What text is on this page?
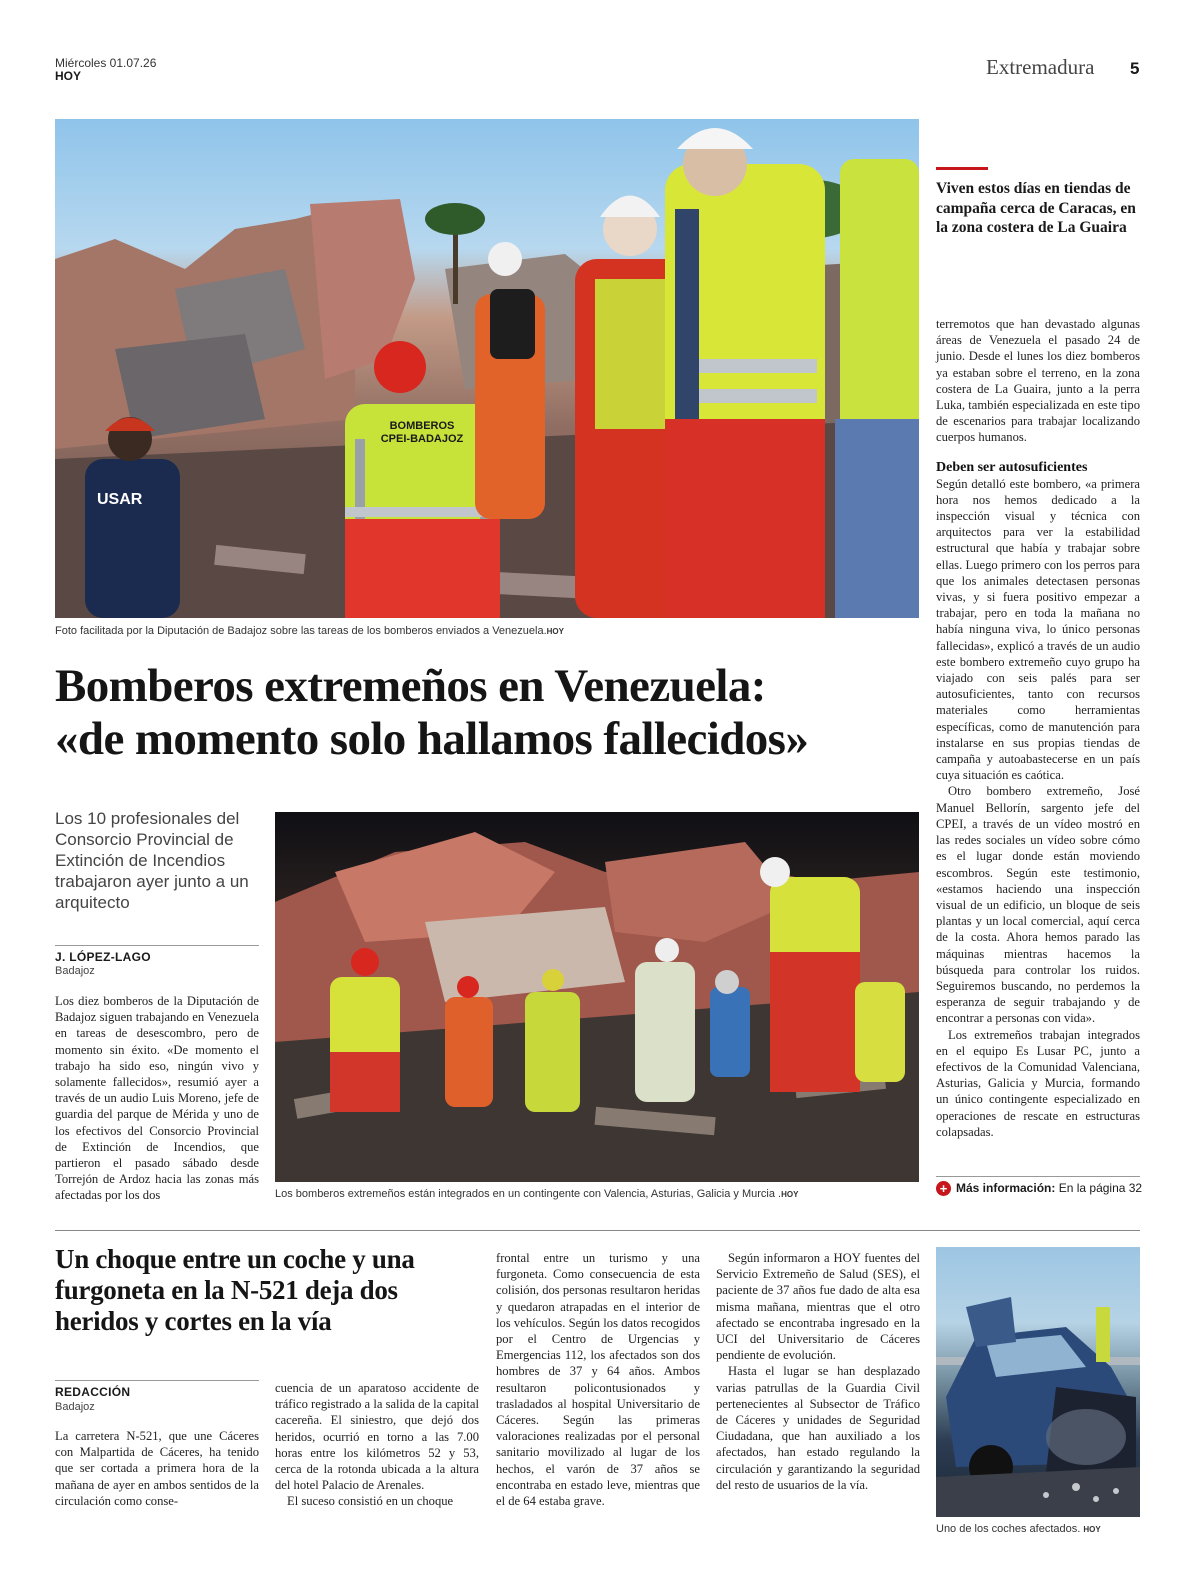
Miércoles 01.07.26
HOY	Extremadura 5
USAR
BOMBEROS
CPEI-BADAJOZ
Foto facilitada por la Diputación de Badajoz sobre las tareas de los bomberos enviados a Venezuela.HOY
Viven estos días en tiendas de campaña cerca de Caracas, en la zona costera de La Guaira

terremotos que han devastado algunas áreas de Venezuela el pasado 24 de junio. Desde el lunes los diez bomberos ya estaban sobre el terreno, en la zona costera de La Guaira, junto a la perra Luka, también especializada en este tipo de escenarios para trabajar localizando cuerpos humanos.

Deben ser autosuficientes

Según detalló este bombero, «a primera hora nos hemos dedicado a la inspección visual y técnica con arquitectos para ver la estabilidad estructural que había y trabajar sobre ellas. Luego primero con los perros para que los animales detectasen personas vivas, y si fuera positivo empezar a trabajar, pero en toda la mañana no había ninguna viva, lo único personas fallecidas», explicó a través de un audio este bombero extremeño cuyo grupo ha viajado con seis palés para ser autosuficientes, tanto con recursos materiales como herramientas específicas, como de manutención para instalarse en sus propias tiendas de campaña y autoabastecerse en un país cuya situación es caótica.

Otro bombero extremeño, José Manuel Bellorín, sargento jefe del CPEI, a través de un vídeo mostró en las redes sociales un vídeo sobre cómo es el lugar donde están moviendo escombros. Según este testimonio, «estamos haciendo una inspección visual de un edificio, un bloque de seis plantas y un local comercial, aquí cerca de la costa. Ahora hemos parado las máquinas mientras hacemos la búsqueda para controlar los ruidos. Seguiremos buscando, no perdemos la esperanza de seguir trabajando y de encontrar a personas con vida».

Los extremeños trabajan integrados en el equipo Es Lusar PC, junto a efectivos de la Comunidad Valenciana, Asturias, Galicia y Murcia, formando un único contingente especializado en operaciones de rescate en estructuras colapsadas.

+ Más información: En la página 32
Bomberos extremeños en Venezuela:
«de momento solo hallamos fallecidos»
Los 10 profesionales del Consorcio Provincial de Extinción de Incendios trabajaron ayer junto a un arquitecto
J. LÓPEZ-LAGO
Badajoz

Los diez bomberos de la Diputación de Badajoz siguen trabajando en Venezuela en tareas de desescombro, pero de momento sin éxito. «De momento el trabajo ha sido eso, ningún vivo y solamente fallecidos», resumió ayer a través de un audio Luis Moreno, jefe de guardia del parque de Mérida y uno de los efectivos del Consorcio Provincial de Extinción de Incendios, que partieron el pasado sábado desde Torrejón de Ardoz hacia las zonas más afectadas por los dos	Los bomberos extremeños están integrados en un contingente con Valencia, Asturias, Galicia y Murcia .HOY
Un choque entre un coche y una furgoneta en la N-521 deja dos heridos y cortes en la vía
REDACCIÓN
Badajoz

La carretera N-521, que une Cáceres con Malpartida de Cáceres, ha tenido que ser cortada a primera hora de la mañana de ayer en ambos sentidos de la circulación como conse-

cuencia de un aparatoso accidente de tráfico registrado a la salida de la capital cacereña. El siniestro, que dejó dos heridos, ocurrió en torno a las 7.00 horas entre los kilómetros 52 y 53, cerca de la rotonda ubicada a la altura del hotel Palacio de Arenales.

El suceso consistió en un choque

frontal entre un turismo y una furgoneta. Como consecuencia de esta colisión, dos personas resultaron heridas y quedaron atrapadas en el interior de los vehículos. Según los datos recogidos por el Centro de Urgencias y Emergencias 112, los afectados son dos hombres de 37 y 64 años. Ambos resultaron policontusionados y trasladados al hospital Universitario de Cáceres. Según las primeras valoraciones realizadas por el personal sanitario movilizado al lugar de los hechos, el varón de 37 años se encontraba en estado leve, mientras que el de 64 estaba grave.

Según informaron a HOY fuentes del Servicio Extremeño de Salud (SES), el paciente de 37 años fue dado de alta esa misma mañana, mientras que el otro afectado se encontraba ingresado en la UCI del Universitario de Cáceres pendiente de evolución.

Hasta el lugar se han desplazado varias patrullas de la Guardia Civil pertenecientes al Subsector de Tráfico de Cáceres y unidades de Seguridad Ciudadana, que han auxiliado a los afectados, han estado regulando la circulación y garantizando la seguridad del resto de usuarios de la vía.

Uno de los coches afectados. HOY
